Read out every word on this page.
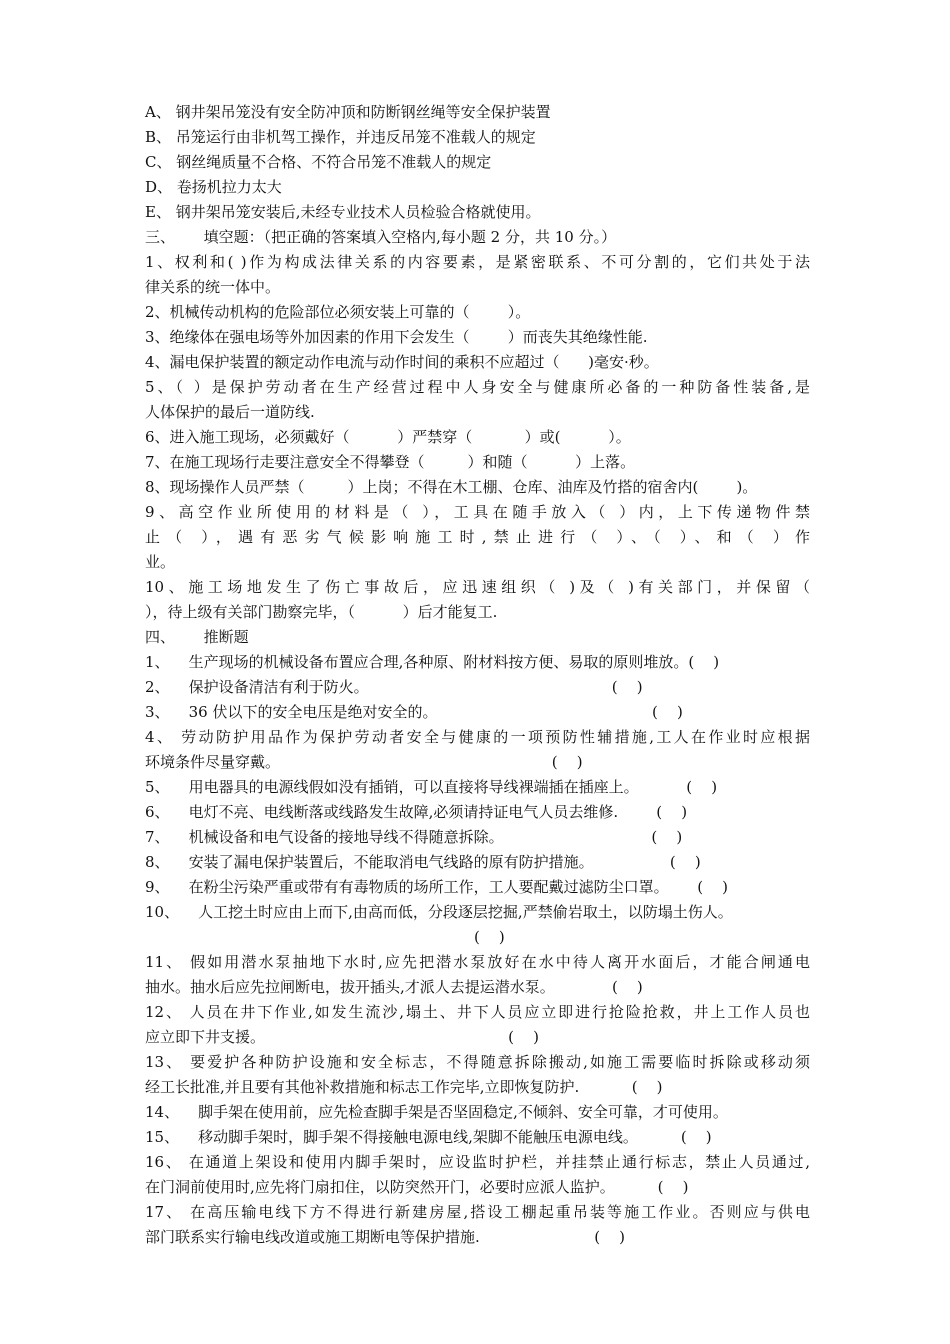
A、 钢井架吊笼没有安全防冲顶和防断钢丝绳等安全保护装置
B、 吊笼运行由非机驾工操作，并违反吊笼不准载人的规定
C、 钢丝绳质量不合格、不符合吊笼不准载人的规定
D、 卷扬机拉力太大
E、 钢井架吊笼安装后,未经专业技术人员检验合格就使用。
三、      填空题：（把正确的答案填入空格内,每小题 2 分，共 10 分。）
1、权利和( )作为构成法律关系的内容要素，是紧密联系、不可分割的，它们共处于法
律关系的统一体中。
2、机械传动机构的危险部位必须安装上可靠的（        ）。
3、绝缘体在强电场等外加因素的作用下会发生（        ）而丧失其绝缘性能.
4、漏电保护装置的额定动作电流与动作时间的乘积不应超过（      )毫安·秒。
5、（ ）是保护劳动者在生产经营过程中人身安全与健康所必备的一种防备性装备,是
人体保护的最后一道防线.
6、进入施工现场，必须戴好（          ）严禁穿（           ）或(          ）。
7、在施工现场行走要注意安全不得攀登（         ）和随（          ）上落。
8、现场操作人员严禁（         ）上岗；不得在木工棚、仓库、油库及竹搭的宿舍内(        )。
9、高空作业所使用的材料是（ ），工具在随手放入（ ）内，上下传递物件禁
止（ ），遇有恶劣气候影响施工时,禁止进行（ ）、（ ）、和（ ）作
业。
10、施工场地发生了伤亡事故后，应迅速组织（ )及（ )有关部门，并保留（
），待上级有关部门勘察完毕，（          ）后才能复工.
四、      推断题
1、    生产现场的机械设备布置应合理,各种原、附材料按方便、易取的原则堆放。(    )
2、    保护设备清洁有利于防火。                                                   (    )
3、    36 伏以下的安全电压是绝对安全的。                                             (    )
4、 劳动防护用品作为保护劳动者安全与健康的一项预防性辅措施,工人在作业时应根据
环境条件尽量穿戴。                                                         (    )
5、    用电器具的电源线假如没有插销，可以直接将导线裸端插在插座上。          (    )
6、    电灯不亮、电线断落或线路发生故障,必须请持证电气人员去维修.        (    )
7、    机械设备和电气设备的接地导线不得随意拆除。                               (    )
8、    安装了漏电保护装置后，不能取消电气线路的原有防护措施。                (    )
9、    在粉尘污染严重或带有有毒物质的场所工作，工人要配戴过滤防尘口罩。      (    )
10、    人工挖土时应由上而下,由高而低，分段逐层挖掘,严禁偷岩取土，以防塌土伤人。
(    )
11、 假如用潜水泵抽地下水时,应先把潜水泵放好在水中待人离开水面后，才能合闸通电
抽水。抽水后应先拉闸断电，拔开插头,才派人去提运潜水泵。            (    )
12、 人员在井下作业,如发生流沙,塌土、井下人员应立即进行抢险抢救，井上工作人员也
应立即下井支援。                                                   (    )
13、 要爱护各种防护设施和安全标志，不得随意拆除搬动,如施工需要临时拆除或移动须
经工长批准,并且要有其他补救措施和标志工作完毕,立即恢复防护.           (    )
14、    脚手架在使用前，应先检查脚手架是否坚固稳定,不倾斜、安全可靠，才可使用。
15、    移动脚手架时，脚手架不得接触电源电线,架脚不能触压电源电线。         (    )
16、 在通道上架设和使用内脚手架时，应设监时护栏，并挂禁止通行标志，禁止人员通过,
在门洞前使用时,应先将门扇扣住，以防突然开门，必要时应派人监护。         (    )
17、 在高压输电线下方不得进行新建房屋,搭设工棚起重吊装等施工作业。否则应与供电
部门联系实行输电线改道或施工期断电等保护措施.                        (    )
